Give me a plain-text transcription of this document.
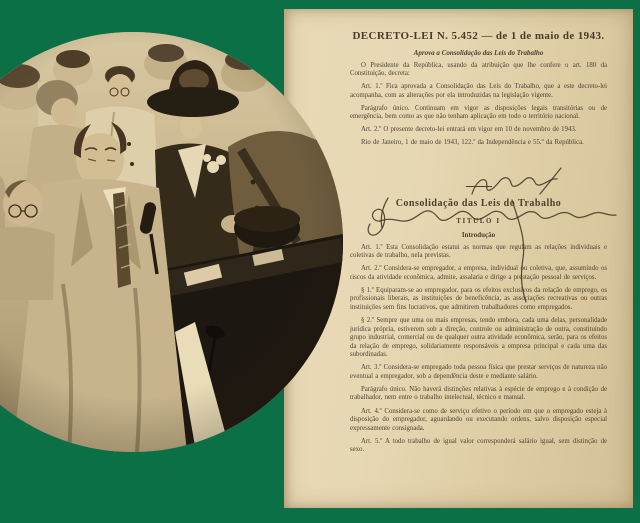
DECRETO-LEI N. 5.452 — de 1 de maio de 1943.
Aprova a Consolidação das Leis do Trabalho

O Presidente da República, usando da atribuição que lhe confere o art. 180 da Constituição, decreta:

Art. 1.º Fica aprovada a Consolidação das Leis do Trabalho, que a este decreto-lei acompanha, com as alterações por ela introduzidas na legislação vigente.

Parágrafo único. Continuam em vigor as disposições legais transitórias ou de emergência, bem como as que não tenham aplicação em todo o território nacional.

Art. 2.º O presente decreto-lei entrará em vigor em 10 de novembro de 1943.

Rio de Janeiro, 1 de maio de 1943, 122.º da Independência e 55.º da República.

Consolidação das Leis do Trabalho
TITULO I
Introdução

Art. 1.º Esta Consolidação estatui as normas que regulam as relações individuais e coletivas de trabalho, nela previstas.

Art. 2.º Considera-se empregador, a empresa, individual ou coletiva, que, assumindo os riscos da atividade econômica, admite, assalaria e dirige a prestação pessoal de serviços.

§ 1.º Equiparam-se ao empregador, para os efeitos exclusivos da relação de emprego, os profissionais liberais, as instituições de beneficência, as associações recreativas ou outras instituições sem fins lucrativos, que admitirem trabalhadores como empregados.

§ 2.º Sempre que uma ou mais empresas, tendo embora, cada uma delas, personalidade jurídica própria, estiverem sob a direção, controle ou administração de outra, constituindo grupo industrial, comercial ou de qualquer outra atividade econômica, serão, para os efeitos da relação de emprego, solidariamente responsáveis a empresa principal e cada uma das subordinadas.

Art. 3.º Considera-se empregado toda pessoa física que prestar serviços de natureza não eventual a empregador, sob a dependência deste e mediante salário.

Parágrafo único. Não haverá distinções relativas à espécie de emprego e à condição de trabalhador, nem entre o trabalho intelectual, técnico e manual.

Art. 4.º Considera-se como de serviço efetivo o período em que o empregado esteja à disposição do empregador, aguardando ou executando ordens, salvo disposição especial expressamente consignada.

Art. 5.º A todo trabalho de igual valor corresponderá salário igual, sem distinção de sexo.
